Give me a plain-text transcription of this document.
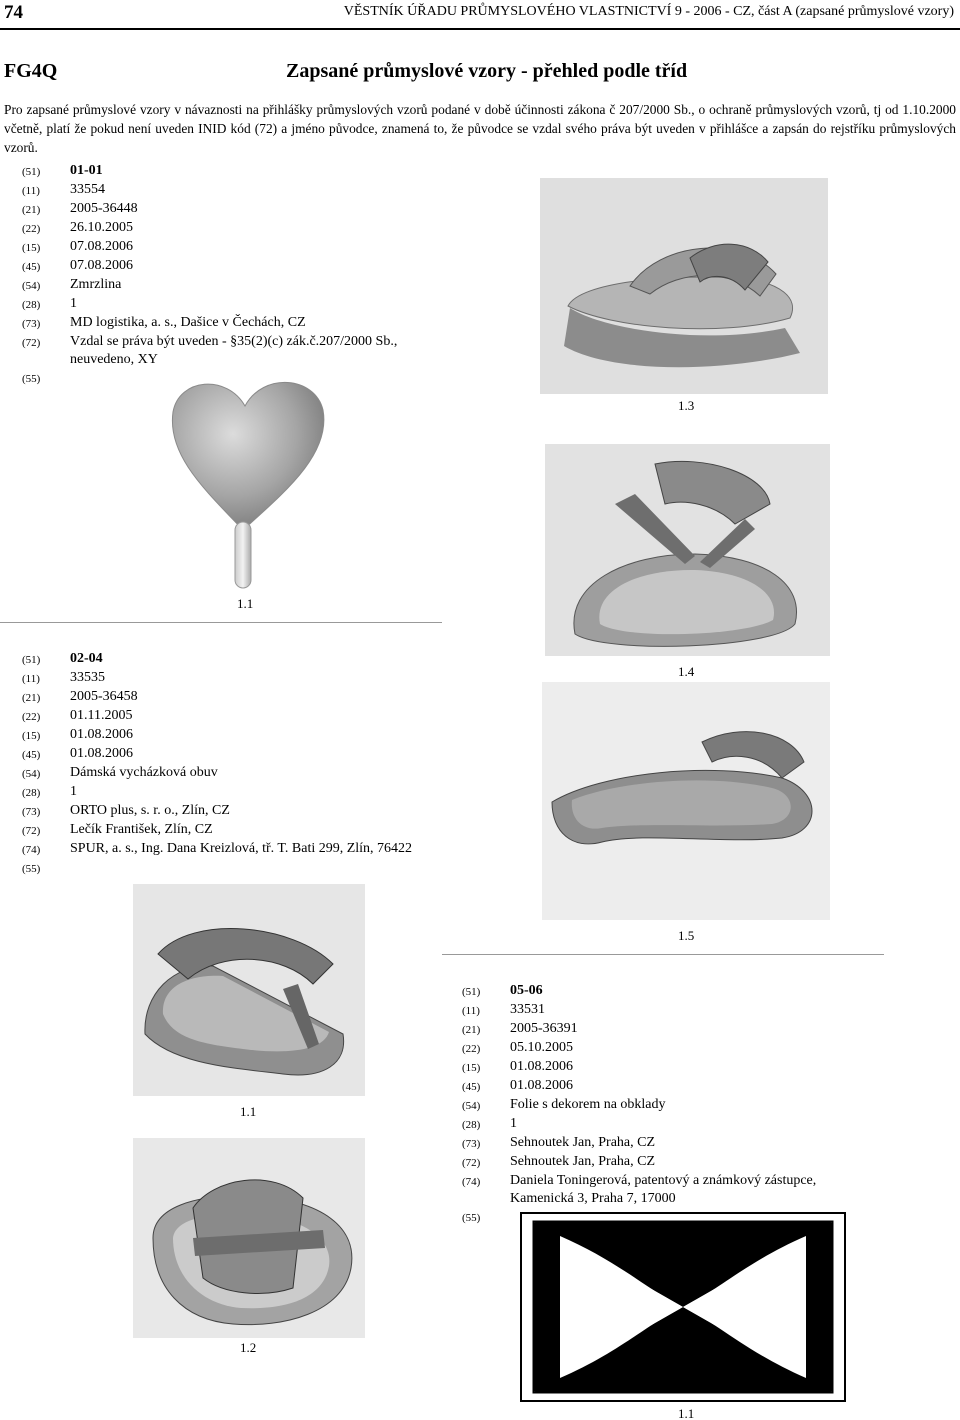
74	VĚSTNÍK ÚŘADU PRŮMYSLOVÉHO VLASTNICTVÍ 9 - 2006 - CZ, část A (zapsané průmyslové vzory)
FG4Q	Zapsané průmyslové vzory - přehled podle tříd

Pro zapsané průmyslové vzory v návaznosti na přihlášky průmyslových vzorů podané v době účinnosti zákona č 207/2000 Sb., o ochraně průmyslových vzorů, tj od 1.10.2000 včetně, platí že pokud není uveden INID kód (72) a jméno původce, znamená to, že původce se vzdal svého práva být uveden v přihlášce a zapsán do rejstříku průmyslových vzorů.

(51)	01-01
(11)	33554
(21)	2005-36448
(22)	26.10.2005
(15)	07.08.2006
(45)	07.08.2006
(54)	Zmrzlina
(28)	1
(73)	MD logistika, a. s., Dašice v Čechách, CZ
(72)	Vzdal se práva být uveden - §35(2)(c) zák.č.207/2000 Sb., neuvedeno, XY
(55)
1.1
(51)	02-04
(11)	33535
(21)	2005-36458
(22)	01.11.2005
(15)	01.08.2006
(45)	01.08.2006
(54)	Dámská vycházková obuv
(28)	1
(73)	ORTO plus, s. r. o., Zlín, CZ
(72)	Lečík František, Zlín, CZ
(74)	SPUR, a. s., Ing. Dana Kreizlová, tř. T. Bati 299, Zlín, 76422
(55)
1.3
1.4
1.5
1.1
1.2
(51)	05-06
(11)	33531
(21)	2005-36391
(22)	05.10.2005
(15)	01.08.2006
(45)	01.08.2006
(54)	Folie s dekorem na obklady
(28)	1
(73)	Sehnoutek Jan, Praha, CZ
(72)	Sehnoutek Jan, Praha, CZ
(74)	Daniela Toningerová, patentový a známkový zástupce, Kamenická 3, Praha 7, 17000
(55)
1.1
